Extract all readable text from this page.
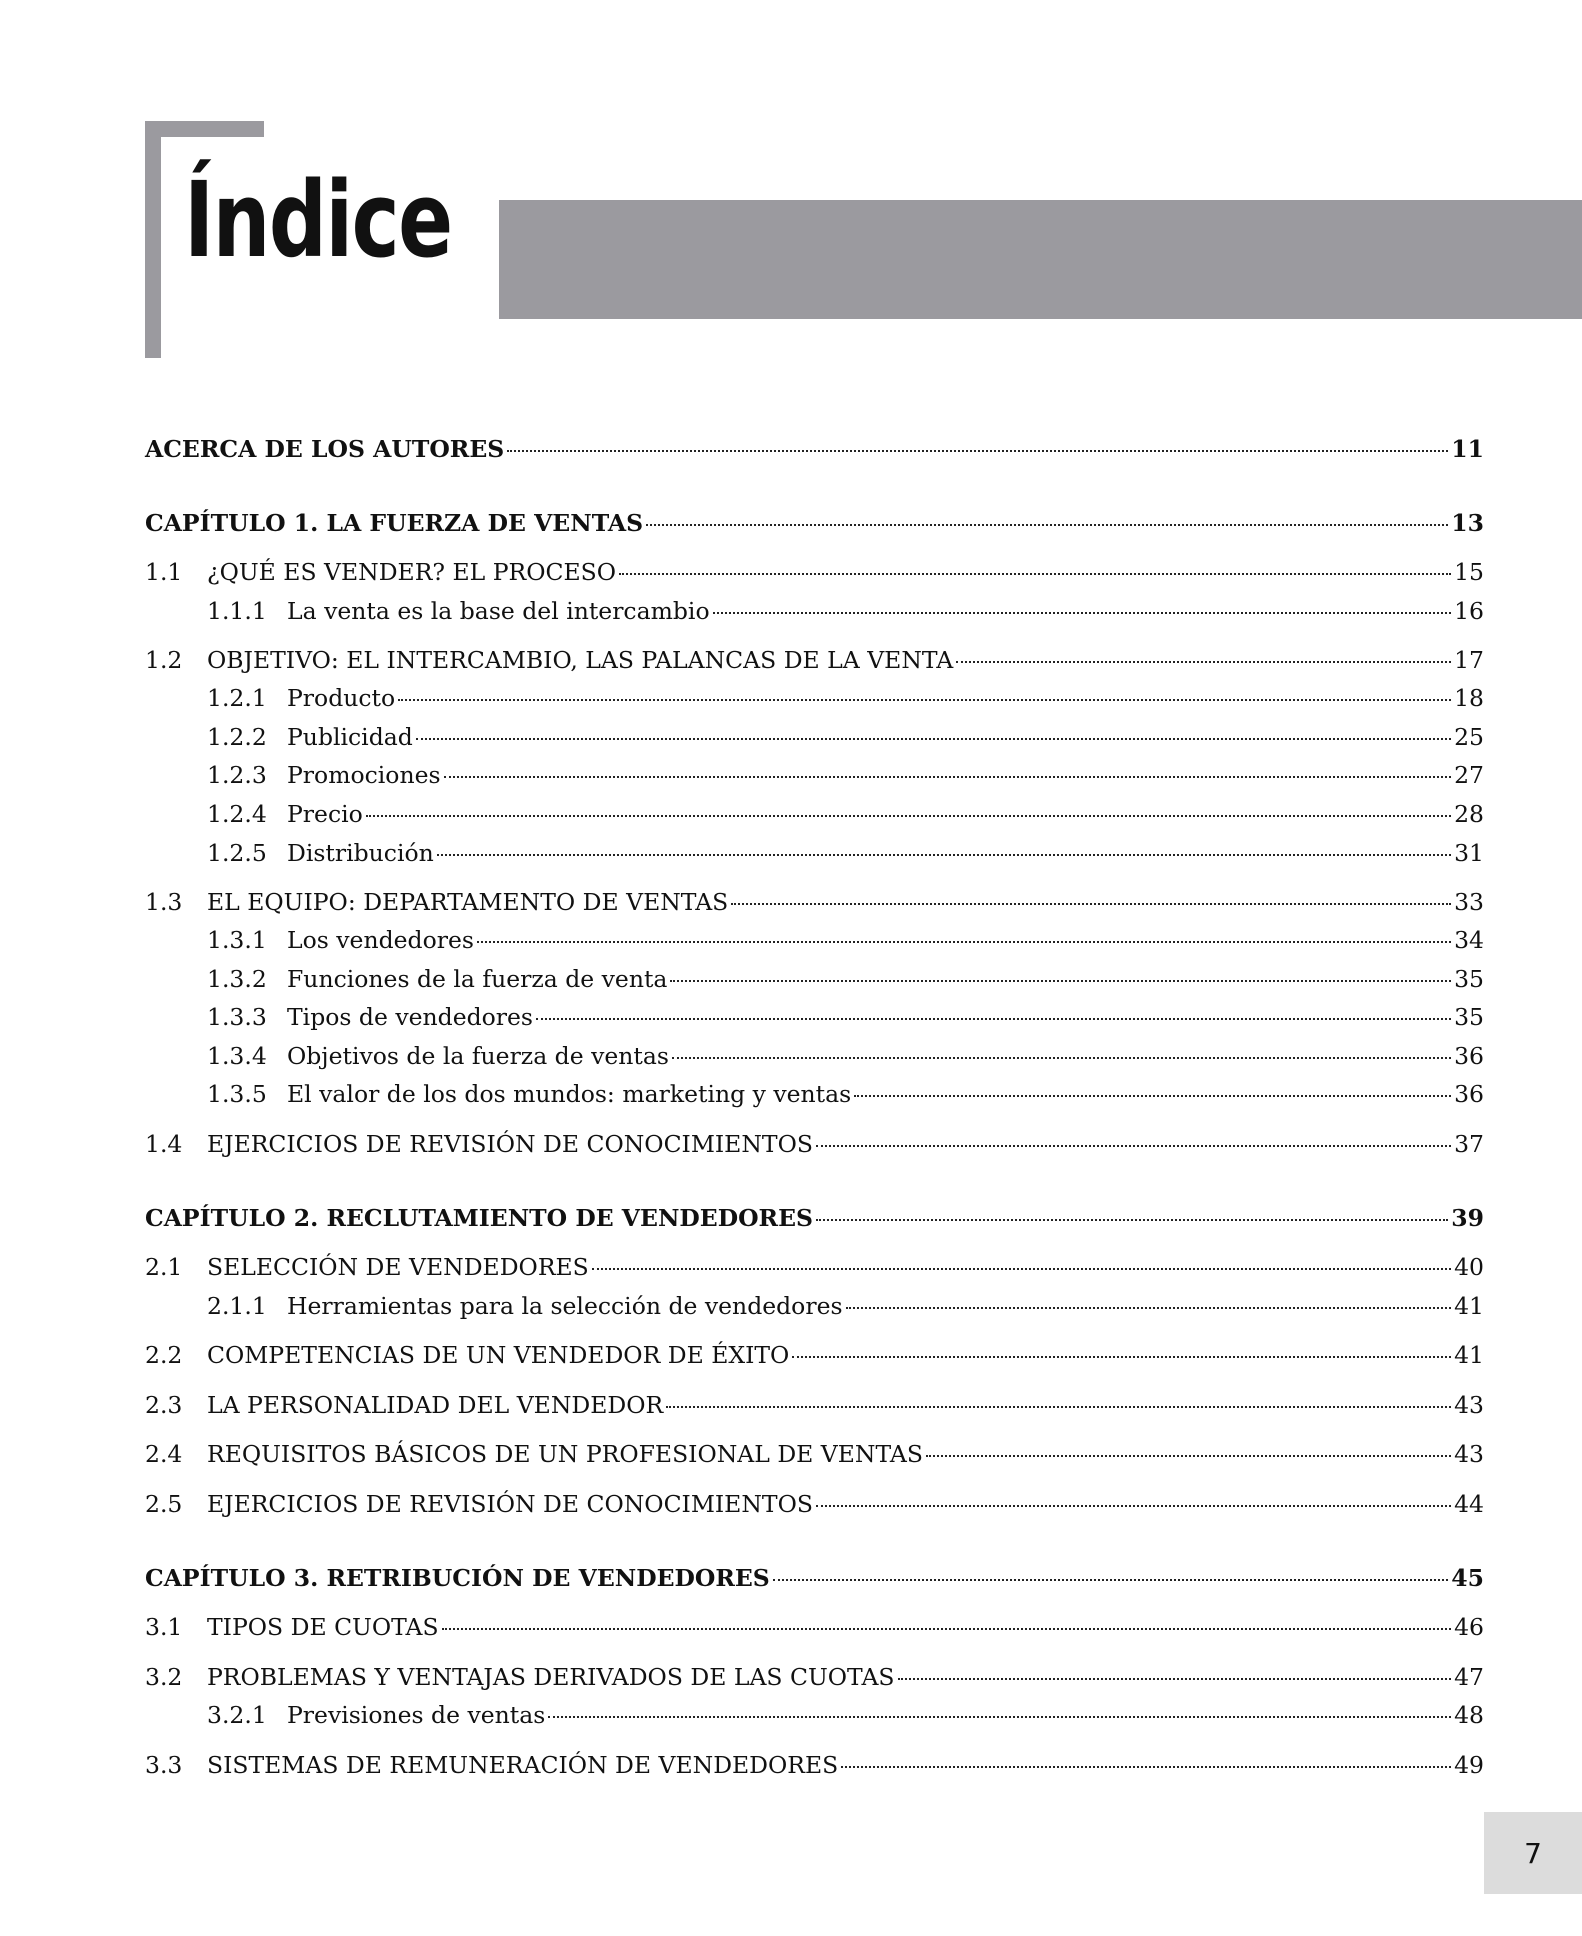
Índice
ACERCA DE LOS AUTORES	11
CAPÍTULO 1. LA FUERZA DE VENTAS	13
1.1	¿QUÉ ES VENDER? EL PROCESO	15
1.1.1 La venta es la base del intercambio	16
1.2	OBJETIVO: EL INTERCAMBIO, LAS PALANCAS DE LA VENTA	17
1.2.1 Producto	18
1.2.2 Publicidad	25
1.2.3 Promociones	27
1.2.4 Precio	28
1.2.5 Distribución	31
1.3	EL EQUIPO: DEPARTAMENTO DE VENTAS	33
1.3.1 Los vendedores	34
1.3.2 Funciones de la fuerza de venta	35
1.3.3 Tipos de vendedores	35
1.3.4 Objetivos de la fuerza de ventas	36
1.3.5 El valor de los dos mundos: marketing y ventas	36
1.4	EJERCICIOS DE REVISIÓN DE CONOCIMIENTOS	37
CAPÍTULO 2. RECLUTAMIENTO DE VENDEDORES	39
2.1	SELECCIÓN DE VENDEDORES	40
2.1.1 Herramientas para la selección de vendedores	41
2.2	COMPETENCIAS DE UN VENDEDOR DE ÉXITO	41
2.3	LA PERSONALIDAD DEL VENDEDOR	43
2.4	REQUISITOS BÁSICOS DE UN PROFESIONAL DE VENTAS	43
2.5	EJERCICIOS DE REVISIÓN DE CONOCIMIENTOS	44
CAPÍTULO 3. RETRIBUCIÓN DE VENDEDORES	45
3.1	TIPOS DE CUOTAS	46
3.2	PROBLEMAS Y VENTAJAS DERIVADOS DE LAS CUOTAS	47
3.2.1 Previsiones de ventas	48
3.3	SISTEMAS DE REMUNERACIÓN DE VENDEDORES	49
7
